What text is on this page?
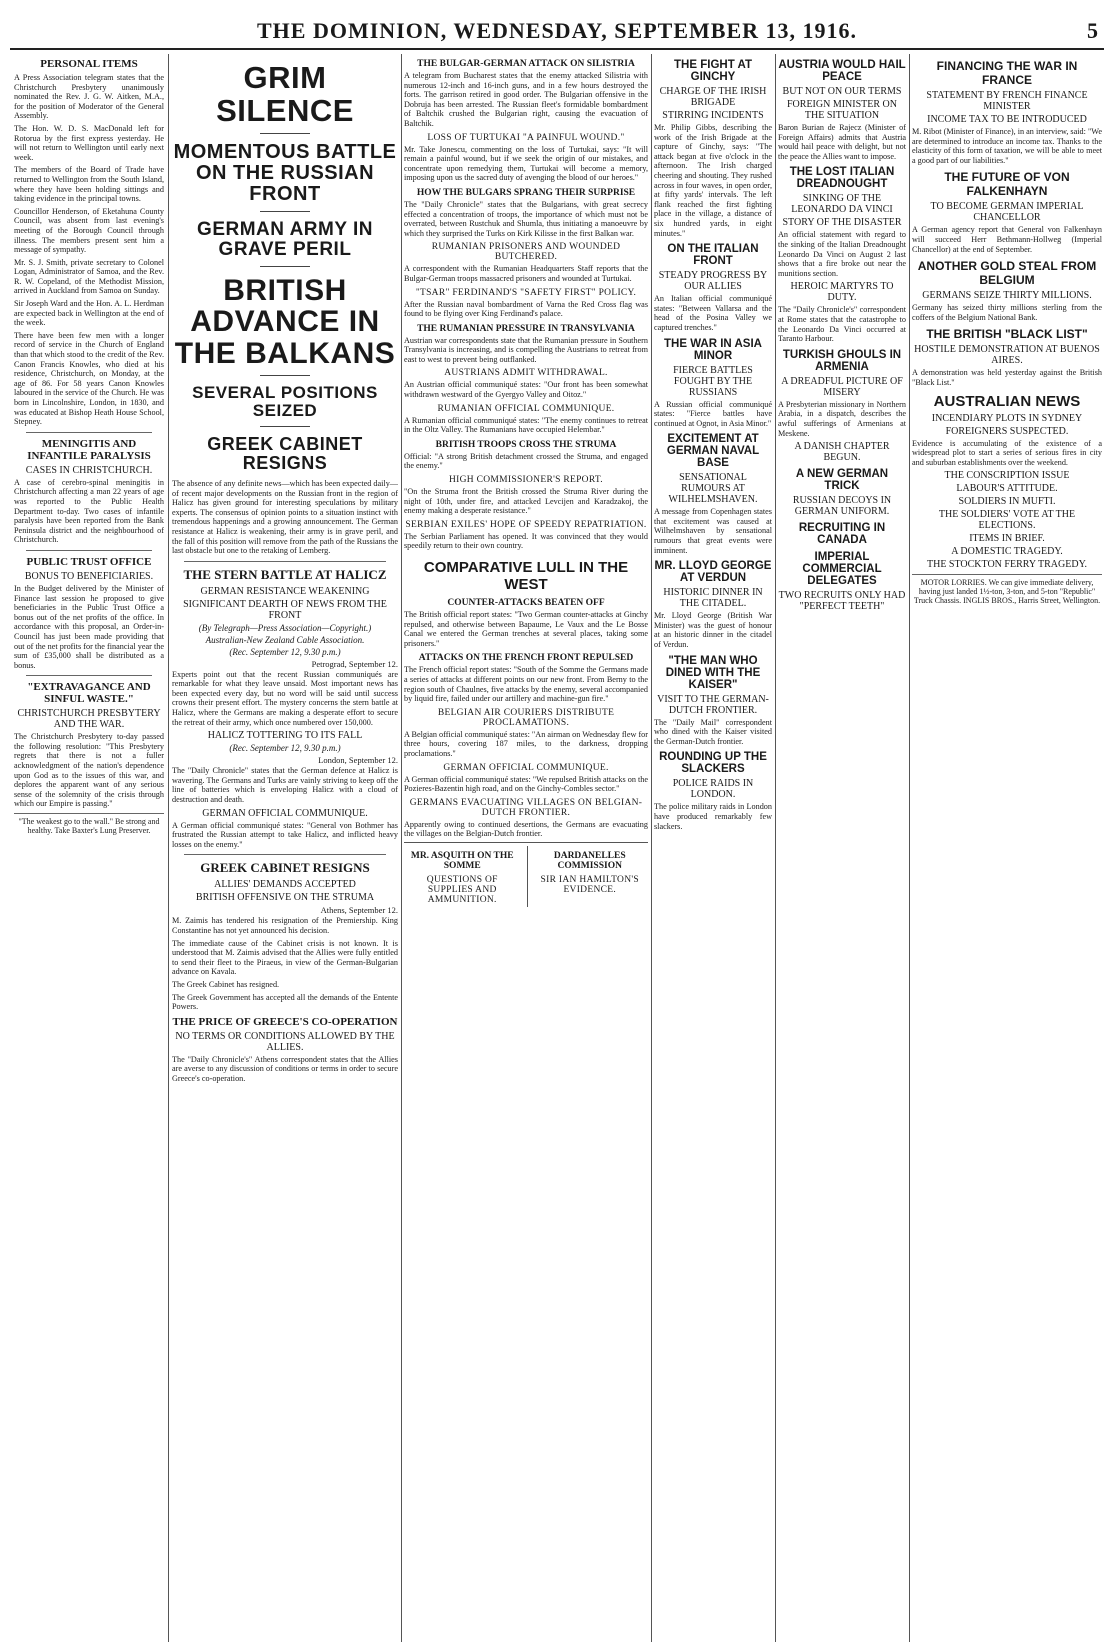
THE DOMINION, WEDNESDAY, SEPTEMBER 13, 1916.	5
PERSONAL ITEMS

A Press Association telegram states that the Christchurch Presbytery unanimously nominated the Rev. J. G. W. Aitken, M.A., for the position of Moderator of the General Assembly.

The Hon. W. D. S. MacDonald left for Rotorua by the first express yesterday. He will not return to Wellington until early next week.

The members of the Board of Trade have returned to Wellington from the South Island, where they have been holding sittings and taking evidence in the principal towns.

Councillor Henderson, of Eketahuna County Council, was absent from last evening's meeting of the Borough Council through illness. The members present sent him a message of sympathy.

Mr. S. J. Smith, private secretary to Colonel Logan, Administrator of Samoa, and the Rev. R. W. Copeland, of the Methodist Mission, arrived in Auckland from Samoa on Sunday.

Sir Joseph Ward and the Hon. A. L. Herdman are expected back in Wellington at the end of the week.

There have been few men with a longer record of service in the Church of England than that which stood to the credit of the Rev. Canon Francis Knowles, who died at his residence, Christchurch, on Monday, at the age of 86. For 58 years Canon Knowles laboured in the service of the Church. He was born in Lincolnshire, London, in 1830, and was educated at Bishop Heath House School, Stepney.

MENINGITIS AND INFANTILE PARALYSIS
CASES IN CHRISTCHURCH.

A case of cerebro-spinal meningitis in Christchurch affecting a man 22 years of age was reported to the Public Health Department to-day. Two cases of infantile paralysis have been reported from the Bank Peninsula district and the neighbourhood of Christchurch.

PUBLIC TRUST OFFICE
BONUS TO BENEFICIARIES.

In the Budget delivered by the Minister of Finance last session he proposed to give beneficiaries in the Public Trust Office a bonus out of the net profits of the office. In accordance with this proposal, an Order-in-Council has just been made providing that out of the net profits for the financial year the sum of £35,000 shall be distributed as a bonus.

"EXTRAVAGANCE AND SINFUL WASTE."
CHRISTCHURCH PRESBYTERY AND THE WAR.

The Christchurch Presbytery to-day passed the following resolution: "This Presbytery regrets that there is not a fuller acknowledgment of the nation's dependence upon God as to the issues of this war, and deplores the apparent want of any serious sense of the solemnity of the crisis through which our Empire is passing."

"The weakest go to the wall." Be strong and healthy. Take Baxter's Lung Preserver.
GRIM SILENCE
MOMENTOUS BATTLE ON THE RUSSIAN FRONT
GERMAN ARMY IN GRAVE PERIL
BRITISH ADVANCE IN THE BALKANS
SEVERAL POSITIONS SEIZED
GREEK CABINET RESIGNS

The absence of any definite news—which has been expected daily—of recent major developments on the Russian front in the region of Halicz has given ground for interesting speculations by military experts. The consensus of opinion points to a situation instinct with tremendous happenings and a growing announcement. The German resistance at Halicz is weakening, their army is in grave peril, and the fall of this position will remove from the path of the Russians the last obstacle but one to the retaking of Lemberg.

THE STERN BATTLE AT HALICZ
GERMAN RESISTANCE WEAKENING
SIGNIFICANT DEARTH OF NEWS FROM THE FRONT
(By Telegraph—Press Association—Copyright.)
Australian-New Zealand Cable Association.
(Rec. September 12, 9.30 p.m.)
Petrograd, September 12.

Experts point out that the recent Russian communiqués are remarkable for what they leave unsaid. Most important news has been expected every day, but no word will be said until success crowns their present effort. The mystery concerns the stern battle at Halicz, where the Germans are making a desperate effort to secure the retreat of their army, which once numbered over 150,000.

HALICZ TOTTERING TO ITS FALL
(Rec. September 12, 9.30 p.m.)
London, September 12.

The "Daily Chronicle" states that the German defence at Halicz is wavering. The Germans and Turks are vainly striving to keep off the line of batteries which is enveloping Halicz with a cloud of destruction and death.

GERMAN OFFICIAL COMMUNIQUE.

A German official communiqué states: "General von Bothmer has frustrated the Russian attempt to take Halicz, and inflicted heavy losses on the enemy."

GREEK CABINET RESIGNS
ALLIES' DEMANDS ACCEPTED
BRITISH OFFENSIVE ON THE STRUMA
Athens, September 12.

M. Zaimis has tendered his resignation of the Premiership. King Constantine has not yet announced his decision.

The immediate cause of the Cabinet crisis is not known. It is understood that M. Zaimis advised that the Allies were fully entitled to send their fleet to the Piraeus, in view of the German-Bulgarian advance on Kavala.

The Greek Cabinet has resigned.

The Greek Government has accepted all the demands of the Entente Powers.

THE PRICE OF GREECE'S CO-OPERATION
NO TERMS OR CONDITIONS ALLOWED BY THE ALLIES.

The "Daily Chronicle's" Athens correspondent states that the Allies are averse to any discussion of conditions or terms in order to secure Greece's co-operation.

THE BULGAR-GERMAN ATTACK ON SILISTRIA

A telegram from Bucharest states that the enemy attacked Silistria with numerous 12-inch and 16-inch guns, and in a few hours destroyed the forts. The garrison retired in good order. The Bulgarian offensive in the Dobruja has been arrested. The Russian fleet's formidable bombardment of Baltchik crushed the Bulgarian right, causing the evacuation of Baltchik.

LOSS OF TURTUKAI "A PAINFUL WOUND."

Mr. Take Jonescu, commenting on the loss of Turtukai, says: "It will remain a painful wound, but if we seek the origin of our mistakes, and concentrate upon remedying them, Turtukai will become a memory, imposing upon us the sacred duty of avenging the blood of our heroes."

HOW THE BULGARS SPRANG THEIR SURPRISE

The "Daily Chronicle" states that the Bulgarians, with great secrecy effected a concentration of troops, the importance of which must not be overrated, between Rustchuk and Shumla, thus initiating a manoeuvre by which they surprised the Turks on Kirk Kilisse in the first Balkan war.

RUMANIAN PRISONERS AND WOUNDED BUTCHERED.

A correspondent with the Rumanian Headquarters Staff reports that the Bulgar-German troops massacred prisoners and wounded at Turtukai.

"TSAR" FERDINAND'S "SAFETY FIRST" POLICY.

After the Russian naval bombardment of Varna the Red Cross flag was found to be flying over King Ferdinand's palace.

THE RUMANIAN PRESSURE IN TRANSYLVANIA

Austrian war correspondents state that the Rumanian pressure in Southern Transylvania is increasing, and is compelling the Austrians to retreat from east to west to prevent being outflanked.

AUSTRIANS ADMIT WITHDRAWAL.

An Austrian official communiqué states: "Our front has been somewhat withdrawn westward of the Gyergyo Valley and Oitoz."

RUMANIAN OFFICIAL COMMUNIQUE.

A Rumanian official communiqué states: "The enemy continues to retreat in the Oltz Valley. The Rumanians have occupied Helembar."

BRITISH TROOPS CROSS THE STRUMA

Official: "A strong British detachment crossed the Struma, and engaged the enemy."

HIGH COMMISSIONER'S REPORT.

"On the Struma front the British crossed the Struma River during the night of 10th, under fire, and attacked Levcijen and Karadzakoj, the enemy making a desperate resistance."

SERBIAN EXILES' HOPE OF SPEEDY REPATRIATION.

The Serbian Parliament has opened. It was convinced that they would speedily return to their own country.

COMPARATIVE LULL IN THE WEST
COUNTER-ATTACKS BEATEN OFF

The British official report states: "Two German counter-attacks at Ginchy repulsed, and otherwise between Bapaume, Le Vaux and the Le Bosse Canal we entered the German trenches at several places, taking some prisoners."

ATTACKS ON THE FRENCH FRONT REPULSED

The French official report states: "South of the Somme the Germans made a series of attacks at different points on our new front. From Berny to the region south of Chaulnes, five attacks by the enemy, several accompanied by liquid fire, failed under our artillery and machine-gun fire."

BELGIAN AIR COURIERS DISTRIBUTE PROCLAMATIONS.

A Belgian official communiqué states: "An airman on Wednesday flew for three hours, covering 187 miles, to the darkness, dropping proclamations."

GERMAN OFFICIAL COMMUNIQUE.

A German official communiqué states: "We repulsed British attacks on the Pozieres-Bazentin high road, and on the Ginchy-Combles sector."

GERMANS EVACUATING VILLAGES ON BELGIAN-DUTCH FRONTIER.

Apparently owing to continued desertions, the Germans are evacuating the villages on the Belgian-Dutch frontier.

MR. ASQUITH ON THE SOMME
QUESTIONS OF SUPPLIES AND AMMUNITION.
DARDANELLES COMMISSION
SIR IAN HAMILTON'S EVIDENCE.
THE FIGHT AT GINCHY
CHARGE OF THE IRISH BRIGADE
STIRRING INCIDENTS

Mr. Philip Gibbs, describing the work of the Irish Brigade at the capture of Ginchy, says: "The attack began at five o'clock in the afternoon. The Irish charged cheering and shouting. They rushed across in four waves, in open order, at fifty yards' intervals. The left flank reached the first fighting place in the village, a distance of six hundred yards, in eight minutes."

ON THE ITALIAN FRONT
STEADY PROGRESS BY OUR ALLIES

An Italian official communiqué states: "Between Vallarsa and the head of the Posina Valley we captured trenches."

THE WAR IN ASIA MINOR
FIERCE BATTLES FOUGHT BY THE RUSSIANS

A Russian official communiqué states: "Fierce battles have continued at Ognot, in Asia Minor."

EXCITEMENT AT GERMAN NAVAL BASE
SENSATIONAL RUMOURS AT WILHELMSHAVEN.

A message from Copenhagen states that excitement was caused at Wilhelmshaven by sensational rumours that great events were imminent.

MR. LLOYD GEORGE AT VERDUN
HISTORIC DINNER IN THE CITADEL.

Mr. Lloyd George (British War Minister) was the guest of honour at an historic dinner in the citadel of Verdun.

"THE MAN WHO DINED WITH THE KAISER"
VISIT TO THE GERMAN-DUTCH FRONTIER.

The "Daily Mail" correspondent who dined with the Kaiser visited the German-Dutch frontier.

ROUNDING UP THE SLACKERS
POLICE RAIDS IN LONDON.

The police military raids in London have produced remarkably few slackers.

AUSTRIA WOULD HAIL PEACE
BUT NOT ON OUR TERMS
FOREIGN MINISTER ON THE SITUATION

Baron Burian de Rajecz (Minister of Foreign Affairs) admits that Austria would hail peace with delight, but not the peace the Allies want to impose.

THE LOST ITALIAN DREADNOUGHT
SINKING OF THE LEONARDO DA VINCI
STORY OF THE DISASTER

An official statement with regard to the sinking of the Italian Dreadnought Leonardo Da Vinci on August 2 last shows that a fire broke out near the munitions section.

HEROIC MARTYRS TO DUTY.

The "Daily Chronicle's" correspondent at Rome states that the catastrophe to the Leonardo Da Vinci occurred at Taranto Harbour.

TURKISH GHOULS IN ARMENIA
A DREADFUL PICTURE OF MISERY

A Presbyterian missionary in Northern Arabia, in a dispatch, describes the awful sufferings of Armenians at Meskene.

A DANISH CHAPTER BEGUN.
A NEW GERMAN TRICK
RUSSIAN DECOYS IN GERMAN UNIFORM.
RECRUITING IN CANADA
IMPERIAL COMMERCIAL DELEGATES
TWO RECRUITS ONLY HAD "PERFECT TEETH"
FINANCING THE WAR IN FRANCE
STATEMENT BY FRENCH FINANCE MINISTER
INCOME TAX TO BE INTRODUCED

M. Ribot (Minister of Finance), in an interview, said: "We are determined to introduce an income tax. Thanks to the elasticity of this form of taxation, we will be able to meet a good part of our liabilities."

THE FUTURE OF VON FALKENHAYN
TO BECOME GERMAN IMPERIAL CHANCELLOR

A German agency report that General von Falkenhayn will succeed Herr Bethmann-Hollweg (Imperial Chancellor) at the end of September.

ANOTHER GOLD STEAL FROM BELGIUM
GERMANS SEIZE THIRTY MILLIONS.

Germany has seized thirty millions sterling from the coffers of the Belgium National Bank.

THE BRITISH "BLACK LIST"
HOSTILE DEMONSTRATION AT BUENOS AIRES.

A demonstration was held yesterday against the British "Black List."

AUSTRALIAN NEWS
INCENDIARY PLOTS IN SYDNEY
FOREIGNERS SUSPECTED.

Evidence is accumulating of the existence of a widespread plot to start a series of serious fires in city and suburban establishments over the weekend.

THE CONSCRIPTION ISSUE
LABOUR'S ATTITUDE.
SOLDIERS IN MUFTI.
THE SOLDIERS' VOTE AT THE ELECTIONS.
ITEMS IN BRIEF.
A DOMESTIC TRAGEDY.
THE STOCKTON FERRY TRAGEDY.
MOTOR LORRIES. We can give immediate delivery, having just landed 1½-ton, 3-ton, and 5-ton "Republic" Truck Chassis. INGLIS BROS., Harris Street, Wellington.
